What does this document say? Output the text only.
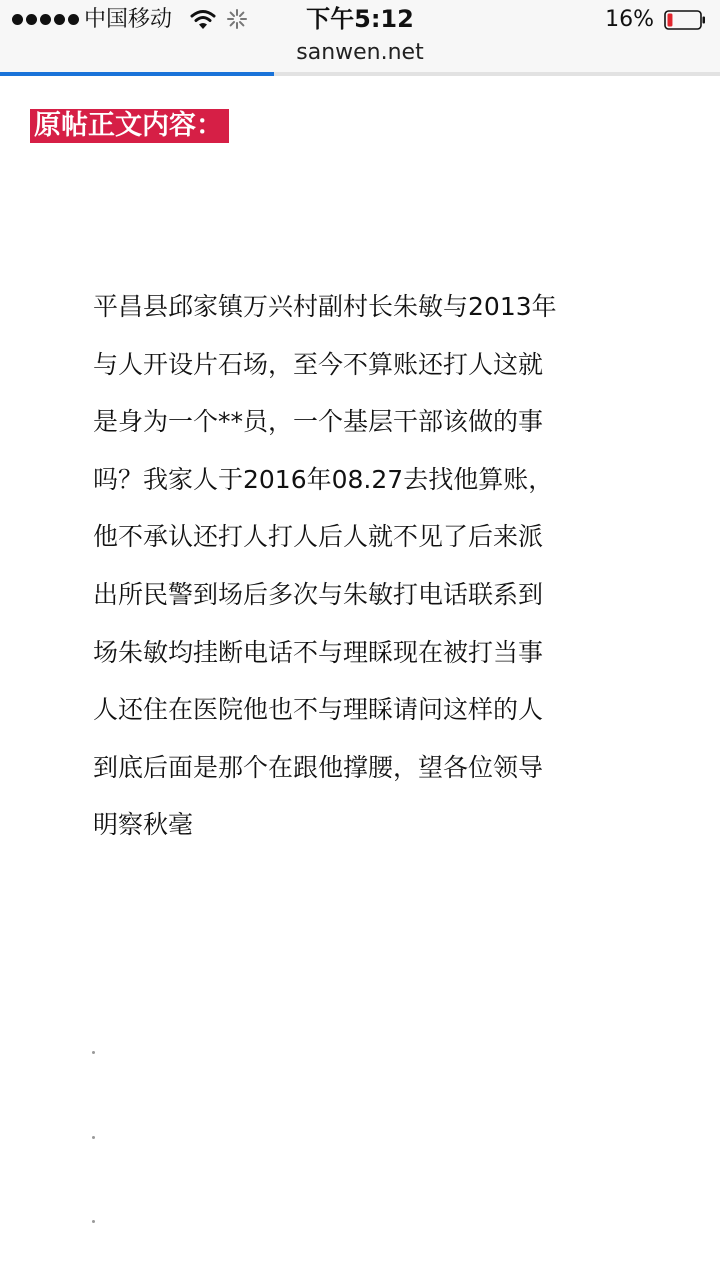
中国移动	下午5:12	16%
sanwen.net
原帖正文内容：

平昌县邱家镇万兴村副村长朱敏与2013年与人开设片石场，至今不算账还打人这就是身为一个**员，一个基层干部该做的事吗？我家人于2016年08.27去找他算账，他不承认还打人打人后人就不见了后来派出所民警到场后多次与朱敏打电话联系到场朱敏均挂断电话不与理睬现在被打当事人还住在医院他也不与理睬请问这样的人到底后面是那个在跟他撑腰，望各位领导明察秋毫
